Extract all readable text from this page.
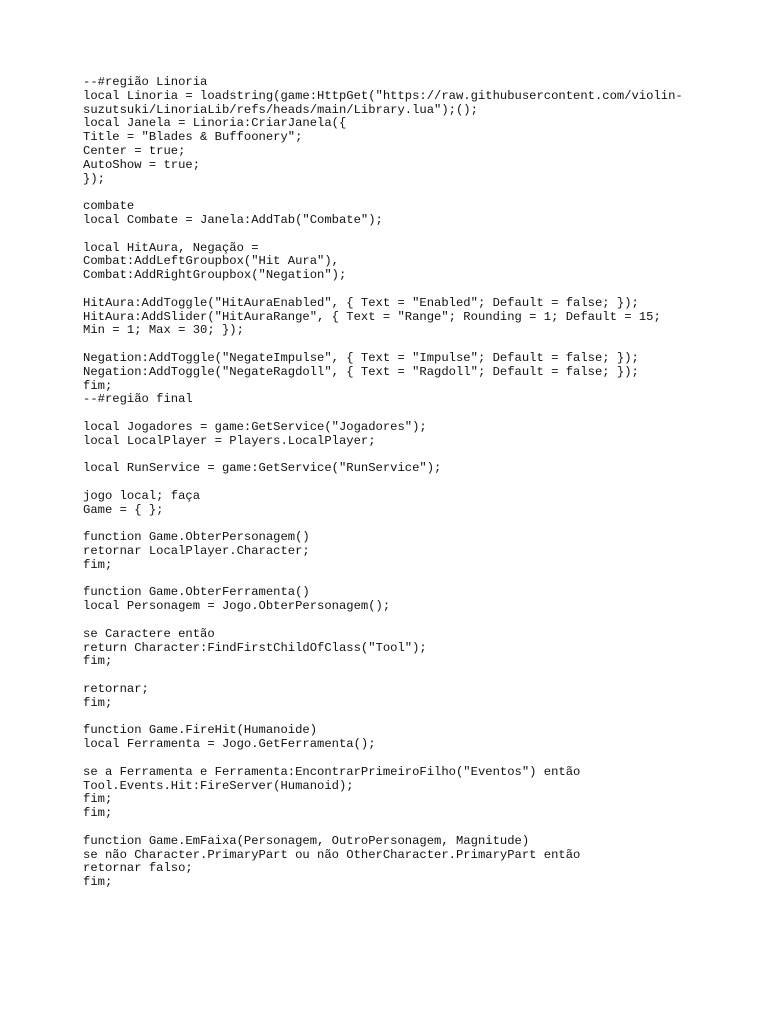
--#região Linoria
local Linoria = loadstring(game:HttpGet("https://raw.githubusercontent.com/violin-
suzutsuki/LinoriaLib/refs/heads/main/Library.lua");();
local Janela = Linoria:CriarJanela({
Title = "Blades & Buffoonery";
Center = true;
AutoShow = true;
});
combate
local Combate = Janela:AddTab("Combate");
local HitAura, Negação =
Combat:AddLeftGroupbox("Hit Aura"),
Combat:AddRightGroupbox("Negation");
HitAura:AddToggle("HitAuraEnabled", { Text = "Enabled"; Default = false; });
HitAura:AddSlider("HitAuraRange", { Text = "Range"; Rounding = 1; Default = 15;
Min = 1; Max = 30; });
Negation:AddToggle("NegateImpulse", { Text = "Impulse"; Default = false; });
Negation:AddToggle("NegateRagdoll", { Text = "Ragdoll"; Default = false; });
fim;
--#região final
local Jogadores = game:GetService("Jogadores");
local LocalPlayer = Players.LocalPlayer;
local RunService = game:GetService("RunService");
jogo local; faça
Game = { };
function Game.ObterPersonagem()
retornar LocalPlayer.Character;
fim;
function Game.ObterFerramenta()
local Personagem = Jogo.ObterPersonagem();
se Caractere então
return Character:FindFirstChildOfClass("Tool");
fim;
retornar;
fim;
function Game.FireHit(Humanoide)
local Ferramenta = Jogo.GetFerramenta();
se a Ferramenta e Ferramenta:EncontrarPrimeiroFilho("Eventos") então
Tool.Events.Hit:FireServer(Humanoid);
fim;
fim;
function Game.EmFaixa(Personagem, OutroPersonagem, Magnitude)
se não Character.PrimaryPart ou não OtherCharacter.PrimaryPart então
retornar falso;
fim;
